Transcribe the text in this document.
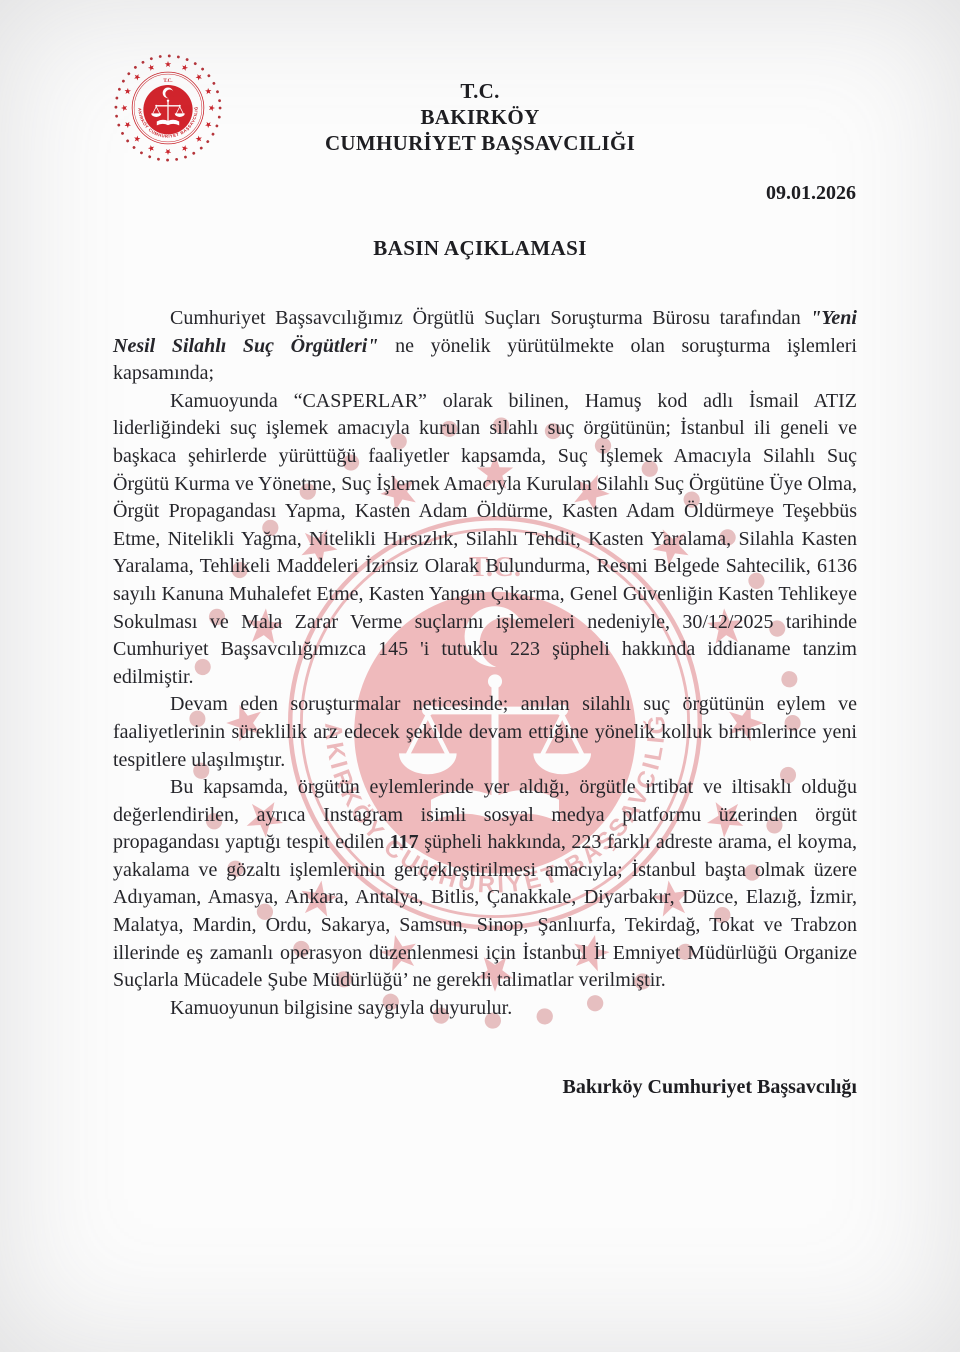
T.C.
BAKIRKÖY
CUMHURİYET BAŞSAVCILIĞI
09.01.2026
BASIN AÇIKLAMASI

Cumhuriyet Başsavcılığımız Örgütlü Suçları Soruşturma Bürosu tarafından "Yeni Nesil Silahlı Suç Örgütleri" ne yönelik yürütülmekte olan soruşturma işlemleri kapsamında;

Kamuoyunda “CASPERLAR” olarak bilinen, Hamuş kod adlı İsmail ATIZ liderliğindeki suç işlemek amacıyla kurulan silahlı suç örgütünün; İstanbul ili geneli ve başkaca şehirlerde yürüttüğü faaliyetler kapsamda, Suç İşlemek Amacıyla Silahlı Suç Örgütü Kurma ve Yönetme, Suç İşlemek Amacıyla Kurulan Silahlı Suç Örgütüne Üye Olma, Örgüt Propagandası Yapma, Kasten Adam Öldürme, Kasten Adam Öldürmeye Teşebbüs Etme, Nitelikli Yağma, Nitelikli Hırsızlık, Silahlı Tehdit, Kasten Yaralama, Silahla Kasten Yaralama, Tehlikeli Maddeleri İzinsiz Olarak Bulundurma, Resmi Belgede Sahtecilik, 6136 sayılı Kanuna Muhalefet Etme, Kasten Yangın Çıkarma, Genel Güvenliğin Kasten Tehlikeye Sokulması ve Mala Zarar Verme suçlarını işlemeleri nedeniyle, 30/12/2025 tarihinde Cumhuriyet Başsavcılığımızca 145 'i tutuklu 223 şüpheli hakkında iddianame tanzim edilmiştir.

Devam eden soruşturmalar neticesinde; anılan silahlı suç örgütünün eylem ve faaliyetlerinin süreklilik arz edecek şekilde devam ettiğine yönelik kolluk birimlerince yeni tespitlere ulaşılmıştır.

Bu kapsamda, örgütün eylemlerinde yer aldığı, örgütle irtibat ve iltisaklı olduğu değerlendirilen, ayrıca Instagram isimli sosyal medya platformu üzerinden örgüt propagandası yaptığı tespit edilen 117 şüpheli hakkında, 223 farklı adreste arama, el koyma, yakalama ve gözaltı işlemlerinin gerçekleştirilmesi amacıyla; İstanbul başta olmak üzere Adıyaman, Amasya, Ankara, Antalya, Bitlis, Çanakkale, Diyarbakır, Düzce, Elazığ, İzmir, Malatya, Mardin, Ordu, Sakarya, Samsun, Sinop, Şanlıurfa, Tekirdağ, Tokat ve Trabzon illerinde eş zamanlı operasyon düzenlenmesi için İstanbul İl Emniyet Müdürlüğü Organize Suçlarla Mücadele Şube Müdürlüğü’ ne gerekli talimatlar verilmiştir.

Kamuoyunun bilgisine saygıyla duyurulur.

Bakırköy Cumhuriyet Başsavcılığı
